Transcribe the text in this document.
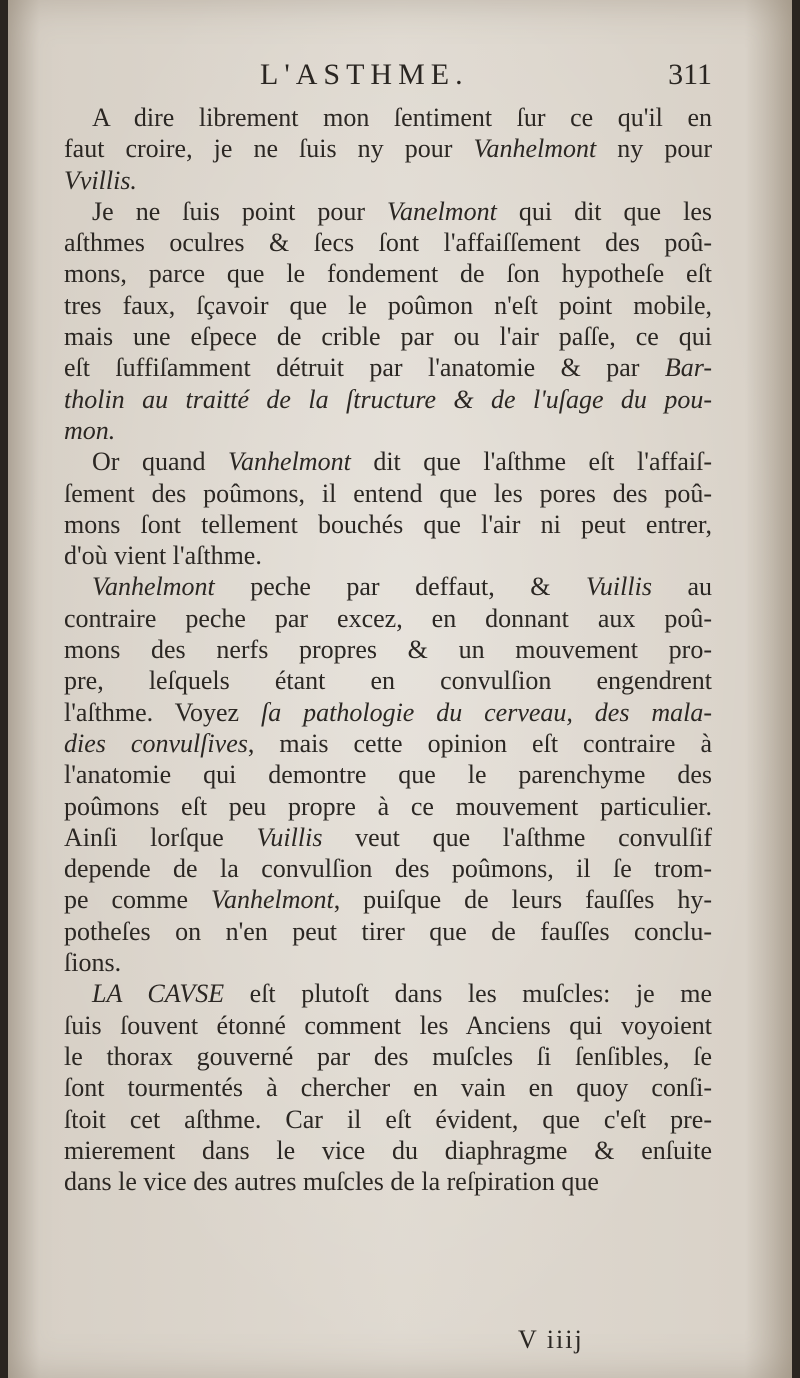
L'ASTHME.	311

A dire librement mon ſentiment ſur ce qu'il en
faut croire, je ne ſuis ny pour Vanhelmont ny pour
Vvillis.

Je ne ſuis point pour Vanelmont qui dit que les
aſthmes oculres & ſecs ſont l'affaiſſement des poû-
mons, parce que le fondement de ſon hypotheſe eſt
tres faux, ſçavoir que le poûmon n'eſt point mobile,
mais une eſpece de crible par ou l'air paſſe, ce qui
eſt ſuffiſamment détruit par l'anatomie & par Bar-
tholin au traitté de la ſtructure & de l'uſage du pou-
mon.

Or quand Vanhelmont dit que l'aſthme eſt l'affaiſ-
ſement des poûmons, il entend que les pores des poû-
mons ſont tellement bouchés que l'air ni peut entrer,
d'où vient l'aſthme.

Vanhelmont peche par deffaut, & Vuillis au
contraire peche par excez, en donnant aux poû-
mons des nerfs propres & un mouvement pro-
pre, leſquels étant en convulſion engendrent
l'aſthme. Voyez ſa pathologie du cerveau, des mala-
dies convulſives, mais cette opinion eſt contraire à
l'anatomie qui demontre que le parenchyme des
poûmons eſt peu propre à ce mouvement particulier.
Ainſi lorſque Vuillis veut que l'aſthme convulſif
depende de la convulſion des poûmons, il ſe trom-
pe comme Vanhelmont, puiſque de leurs fauſſes hy-
potheſes on n'en peut tirer que de fauſſes conclu-
ſions.

LA CAVSE eſt plutoſt dans les muſcles: je me
ſuis ſouvent étonné comment les Anciens qui voyoient
le thorax gouverné par des muſcles ſi ſenſibles, ſe
ſont tourmentés à chercher en vain en quoy conſi-
ſtoit cet aſthme. Car il eſt évident, que c'eſt pre-
mierement dans le vice du diaphragme & enſuite
dans le vice des autres muſcles de la reſpiration que

V iiij
